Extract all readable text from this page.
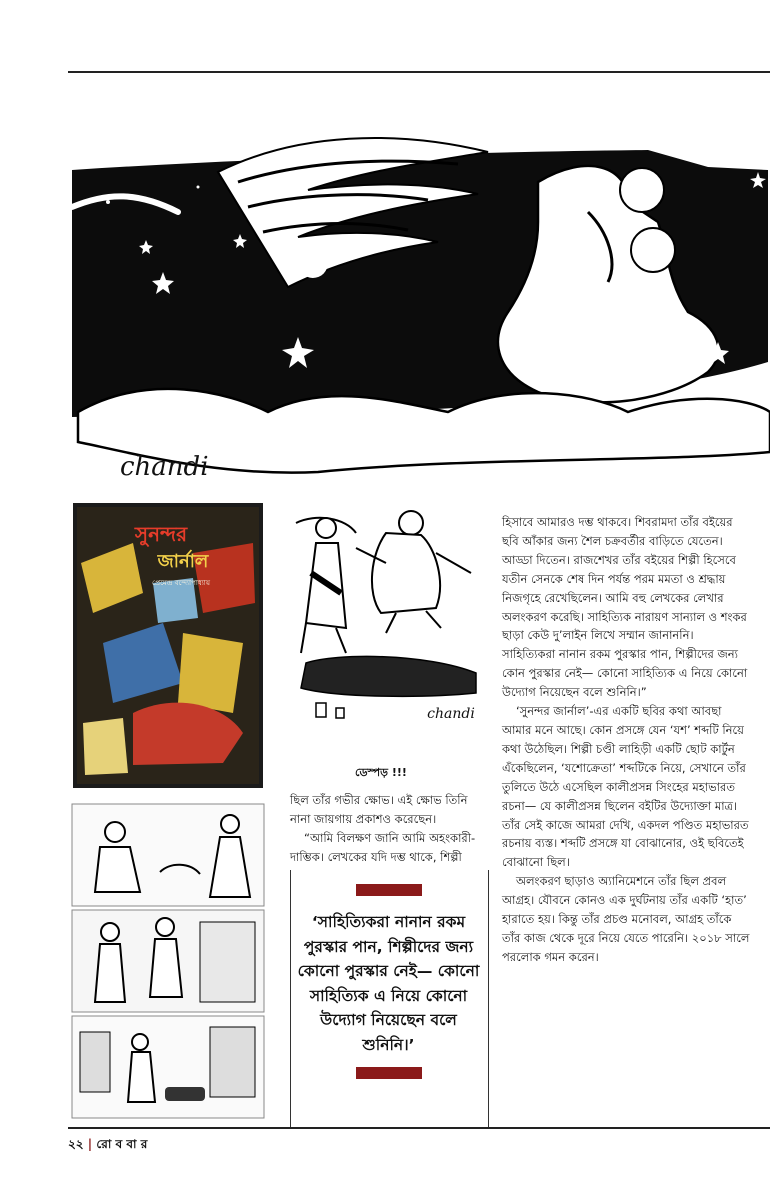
chandi
সুনন্দর
জার্নাল
প্রেমেন্দ্র বন্দ্যোপাধ্যায়
chandi
ডেস্পড় !!!

ছিল তাঁর গভীর ক্ষোভ। এই ক্ষোভ তিনি নানা জায়গায় প্রকাশও করেছেন।

“আমি বিলক্ষণ জানি আমি অহংকারী-দাম্ভিক। লেখকের যদি দম্ভ থাকে, শিল্পী

‘সাহিত্যিকরা নানান রকম পুরস্কার পান, শিল্পীদের জন্য কোনো পুরস্কার নেই— কোনো সাহিত্যিক এ নিয়ে কোনো উদ্যোগ নিয়েছেন বলে শুনিনি।’

হিসাবে আমারও দম্ভ থাকবে। শিবরামদা তাঁর বইয়ের ছবি আঁকার জন্য শৈল চক্রবর্তীর বাড়িতে যেতেন। আড্ডা দিতেন। রাজশেখর তাঁর বইয়ের শিল্পী হিসেবে যতীন সেনকে শেষ দিন পর্যন্ত পরম মমতা ও শ্রদ্ধায় নিজগৃহে রেখেছিলেন। আমি বহু লেখকের লেখার অলংকরণ করেছি। সাহিত্যিক নারায়ণ সান্যাল ও শংকর ছাড়া কেউ দু’লাইন লিখে সম্মান জানাননি। সাহিত্যিকরা নানান রকম পুরস্কার পান, শিল্পীদের জন্য কোন পুরস্কার নেই— কোনো সাহিত্যিক এ নিয়ে কোনো উদ্যোগ নিয়েছেন বলে শুনিনি।”

‘সুনন্দর জার্নাল’-এর একটি ছবির কথা আবছা আমার মনে আছে। কোন প্রসঙ্গে যেন ‘যশ’ শব্দটি নিয়ে কথা উঠেছিল। শিল্পী চণ্ডী লাহিড়ী একটি ছোট কার্টুন এঁকেছিলেন, ‘যশোক্রেতা’ শব্দটিকে নিয়ে, সেখানে তাঁর তুলিতে উঠে এসেছিল কালীপ্রসন্ন সিংহের মহাভারত রচনা— যে কালীপ্রসন্ন ছিলেন বইটির উদ্যোক্তা মাত্র। তাঁর সেই কাজে আমরা দেখি, একদল পণ্ডিত মহাভারত রচনায় ব্যস্ত। শব্দটি প্রসঙ্গে যা বোঝানোর, ওই ছবিতেই বোঝানো ছিল।

অলংকরণ ছাড়াও অ্যানিমেশনে তাঁর ছিল প্রবল আগ্রহ। যৌবনে কোনও এক দুর্ঘটনায় তাঁর একটি ‘হাত’ হারাতে হয়। কিন্তু তাঁর প্রচণ্ড মনোবল, আগ্রহ তাঁকে তাঁর কাজ থেকে দূরে নিয়ে যেতে পারেনি। ২০১৮ সালে পরলোক গমন করেন।

২২ | রো ব বা র
